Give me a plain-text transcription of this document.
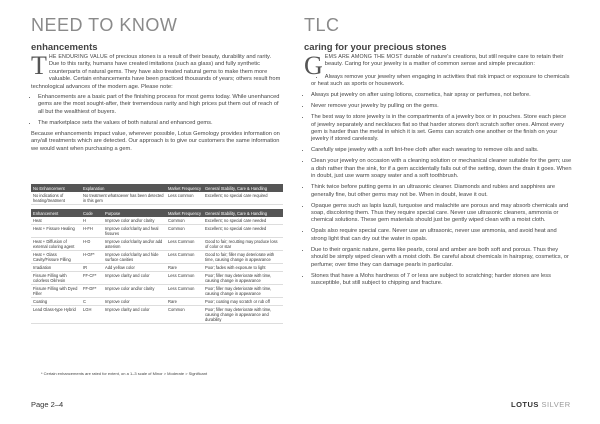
NEED TO KNOW
enhancements

THE ENDURING VALUE of precious stones is a result of their beauty, durability and rarity. Due to this rarity, humans have created imitations (such as glass) and fully synthetic counterparts of natural gems. They have also treated natural gems to make them more valuable. Certain enhancements have been practiced thousands of years; others result from technological advances of the modern age. Please note:

• Enhancements are a basic part of the finishing process for most gems today. While unenhanced gems are the most sought-after, their tremendous rarity and high prices put them out of reach of all but the wealthiest of buyers.
• The marketplace sets the values of both natural and enhanced gems.

Because enhancements impact value, wherever possible, Lotus Gemology provides information on any/all treatments which are detected. Our approach is to give our customers the same information we would want when purchasing a gem.

No Enhancement	Explanation	Market Frequency	General Stability, Care & Handling
No indications of heating/treatment	No treatment whatsoever has been detected in this gem	Less common	Excellent; no special care required
Enhancement	Code	Purpose	Market Frequency	General Stability, Care & Handling
Heat	H	Improve color and/or clarity	Common	Excellent; no special care needed
Heat + Fissure Healing	H-FH	Improve color/clarity and heal fissures	Common	Excellent; no special care needed
Heat + Diffusion of external coloring agent	H-D	Improve color/clarity and/or add asterism	Less Common	Good to fair; recutting may produce loss of color or star
Heat + Glass Cavity/Fissure Filling	H-GF*	Improve color/clarity and hide surface cavities	Less Common	Good to fair; filler may deteriorate with time, causing change in appearance
Irradiation	IR	Add yellow color	Rare	Poor; fades with exposure to light
Fissure Filling with colorless Oil/resin	FF-CF*	Improve clarity and color	Less Common	Poor; filler may deteriorate with time, causing change in appearance
Fissure Filling with Dyed Filler	FF-DF*	Improve color and/or clarity	Less Common	Poor; filler may deteriorate with time, causing change in appearance
Coating	C	Improve color	Rare	Poor; coating may scratch or rub off
Lead Glass-type Hybrid	LGH	Improve clarity and color	Common	Poor; filler may deteriorate with time, causing change in appearance and durability
* Certain enhancements are rated for extent, on a 1–3 scale of Minor > Moderate > Significant
TLC
caring for your precious stones

GEMS ARE AMONG THE MOST durable of nature's creations, but still require care to retain their beauty. Caring for your jewelry is a matter of common sense and simple precaution:

• Always remove your jewelry when engaging in activities that risk impact or exposure to chemicals or heat such as sports or housework.
• Always put jewelry on after using lotions, cosmetics, hair spray or perfumes, not before.
• Never remove your jewelry by pulling on the gems.
• The best way to store jewelry is in the compartments of a jewelry box or in pouches. Store each piece of jewelry separately and necklaces flat so that harder stones don't scratch softer ones. Almost every gem is harder than the metal in which it is set. Gems can scratch one another or the finish on your jewelry if stored carelessly.
• Carefully wipe jewelry with a soft lint-free cloth after each wearing to remove oils and salts.
• Clean your jewelry on occasion with a cleaning solution or mechanical cleaner suitable for the gem; use a dish rather than the sink, for if a gem accidentally falls out of the setting, down the drain it goes. When in doubt, just use warm soapy water and a soft toothbrush.
• Think twice before putting gems in an ultrasonic cleaner. Diamonds and rubies and sapphires are generally fine, but other gems may not be. When in doubt, leave it out.
• Opaque gems such as lapis lazuli, turquoise and malachite are porous and may absorb chemicals and soap, discoloring them. Thus they require special care. Never use ultrasonic cleaners, ammonia or chemical solutions. These gem materials should just be gently wiped clean with a moist cloth.
• Opals also require special care. Never use an ultrasonic, never use ammonia, and avoid heat and strong light that can dry out the water in opals.
• Due to their organic nature, gems like pearls, coral and amber are both soft and porous. Thus they should be simply wiped clean with a moist cloth. Be careful about chemicals in hairspray, cosmetics, or perfume; over time they can damage pearls in particular.
• Stones that have a Mohs hardness of 7 or less are subject to scratching; harder stones are less susceptible, but still subject to chipping and fracture.
Page 2–4	LOTUS SILVER
